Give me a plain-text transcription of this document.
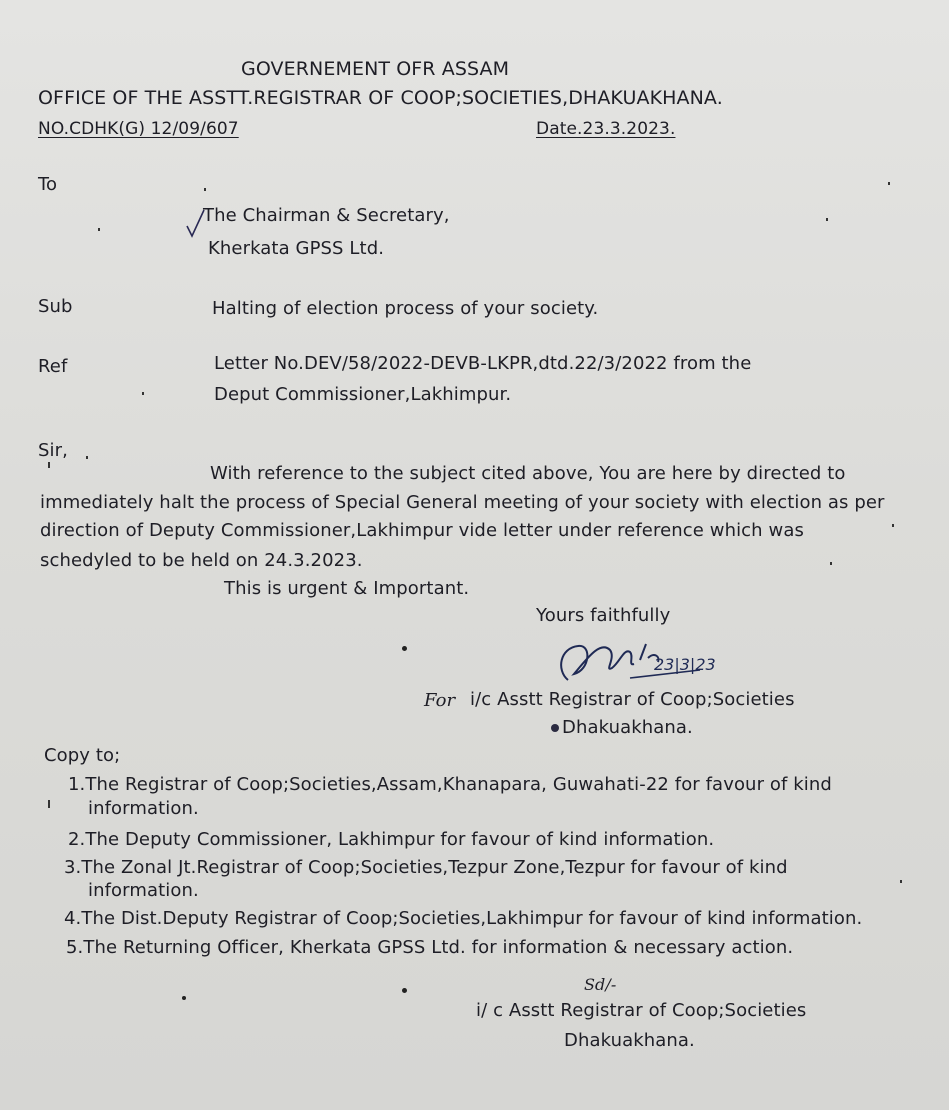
GOVERNEMENT OFR ASSAM
OFFICE OF THE ASSTT.REGISTRAR OF COOP;SOCIETIES,DHAKUAKHANA.
NO.CDHK(G) 12/09/607	Date.23.3.2023.
To
The Chairman & Secretary,
Kherkata GPSS Ltd.
Sub	Halting of election process of your society.
Ref	Letter No.DEV/58/2022-DEVB-LKPR,dtd.22/3/2022 from the
Deput Commissioner,Lakhimpur.
Sir,
With reference to the subject cited above, You are here by directed to
immediately halt the process of Special General meeting of your society with election as per
direction of Deputy Commissioner,Lakhimpur vide letter under reference which was
schedyled to be held on 24.3.2023.
This is urgent & Important.
Yours faithfully
23|3|23
For i/c Asstt Registrar of Coop;Societies
Dhakuakhana.
Copy to;
1.The Registrar of Coop;Societies,Assam,Khanapara, Guwahati-22 for favour of kind
information.
2.The Deputy Commissioner, Lakhimpur for favour of kind information.
3.The Zonal Jt.Registrar of Coop;Societies,Tezpur Zone,Tezpur for favour of kind
information.
4.The Dist.Deputy Registrar of Coop;Societies,Lakhimpur for favour of kind information.
5.The Returning Officer, Kherkata GPSS Ltd. for information & necessary action.
Sd/-
i/ c Asstt Registrar of Coop;Societies
Dhakuakhana.
